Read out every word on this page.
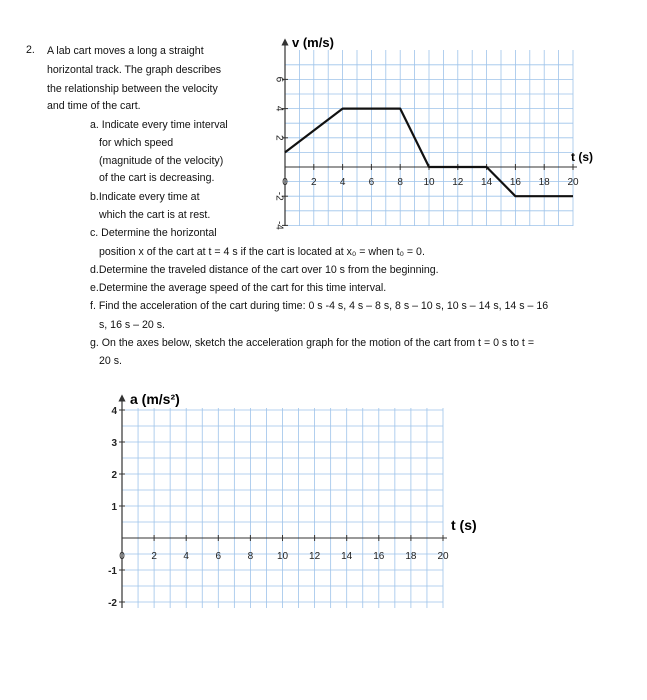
2. A lab cart moves a long a straight
horizontal track. The graph describes
the relationship between the velocity
and time of the cart.
a. Indicate every time interval
for which speed
(magnitude of the velocity)
of the cart is decreasing.
b.Indicate every time at
which the cart is at rest.
c. Determine the horizontal
position x of the cart at t = 4 s if the cart is located at x₀ = when t₀ = 0.
d.Determine the traveled distance of the cart over 10 s from the beginning.
e.Determine the average speed of the cart for this time interval.
f. Find the acceleration of the cart during time: 0 s -4 s, 4 s – 8 s, 8 s – 10 s, 10 s – 14 s, 14 s – 16
s, 16 s – 20 s.
g. On the axes below, sketch the acceleration graph for the motion of the cart from t = 0 s to t =
20 s.
6
4
2
-2
-4
0 2 4 6 8 10 12 14 16 18 20
v (m/s)
t (s)
4
3
2
1
-1
-2
0	2	4	6	8 10 12 14 16 18 20
a (m/s²)
t (s)
